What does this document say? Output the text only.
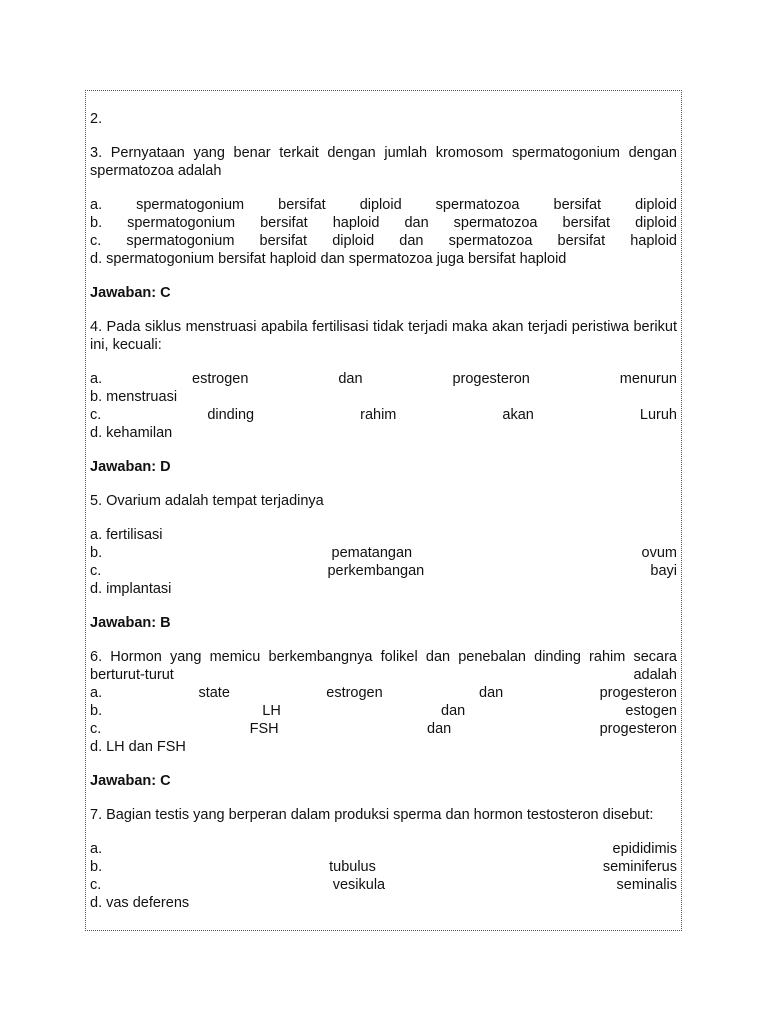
2.

3. Pernyataan yang benar terkait dengan jumlah kromosom spermatogonium dengan spermatozoa adalah

a. spermatogonium bersifat diploid spermatozoa bersifat diploid
b. spermatogonium bersifat haploid dan spermatozoa bersifat diploid
c. spermatogonium bersifat diploid dan spermatozoa bersifat haploid
d. spermatogonium bersifat haploid dan spermatozoa juga bersifat haploid

Jawaban: C

4. Pada siklus menstruasi apabila fertilisasi tidak terjadi maka akan terjadi peristiwa berikut ini, kecuali:

a. estrogen dan progesteron menurun
b. menstruasi
c. dinding rahim akan Luruh
d. kehamilan

Jawaban: D

5. Ovarium adalah tempat terjadinya

a. fertilisasi
b. pematangan ovum
c. perkembangan bayi
d. implantasi

Jawaban: B

6. Hormon yang memicu berkembangnya folikel dan penebalan dinding rahim secara berturut-turut adalah
a. state estrogen dan progesteron
b. LH dan estogen
c. FSH dan progesteron
d. LH dan FSH

Jawaban: C

7. Bagian testis yang berperan dalam produksi sperma dan hormon testosteron disebut:

a. epididimis
b. tubulus seminiferus
c. vesikula seminalis
d. vas deferens
